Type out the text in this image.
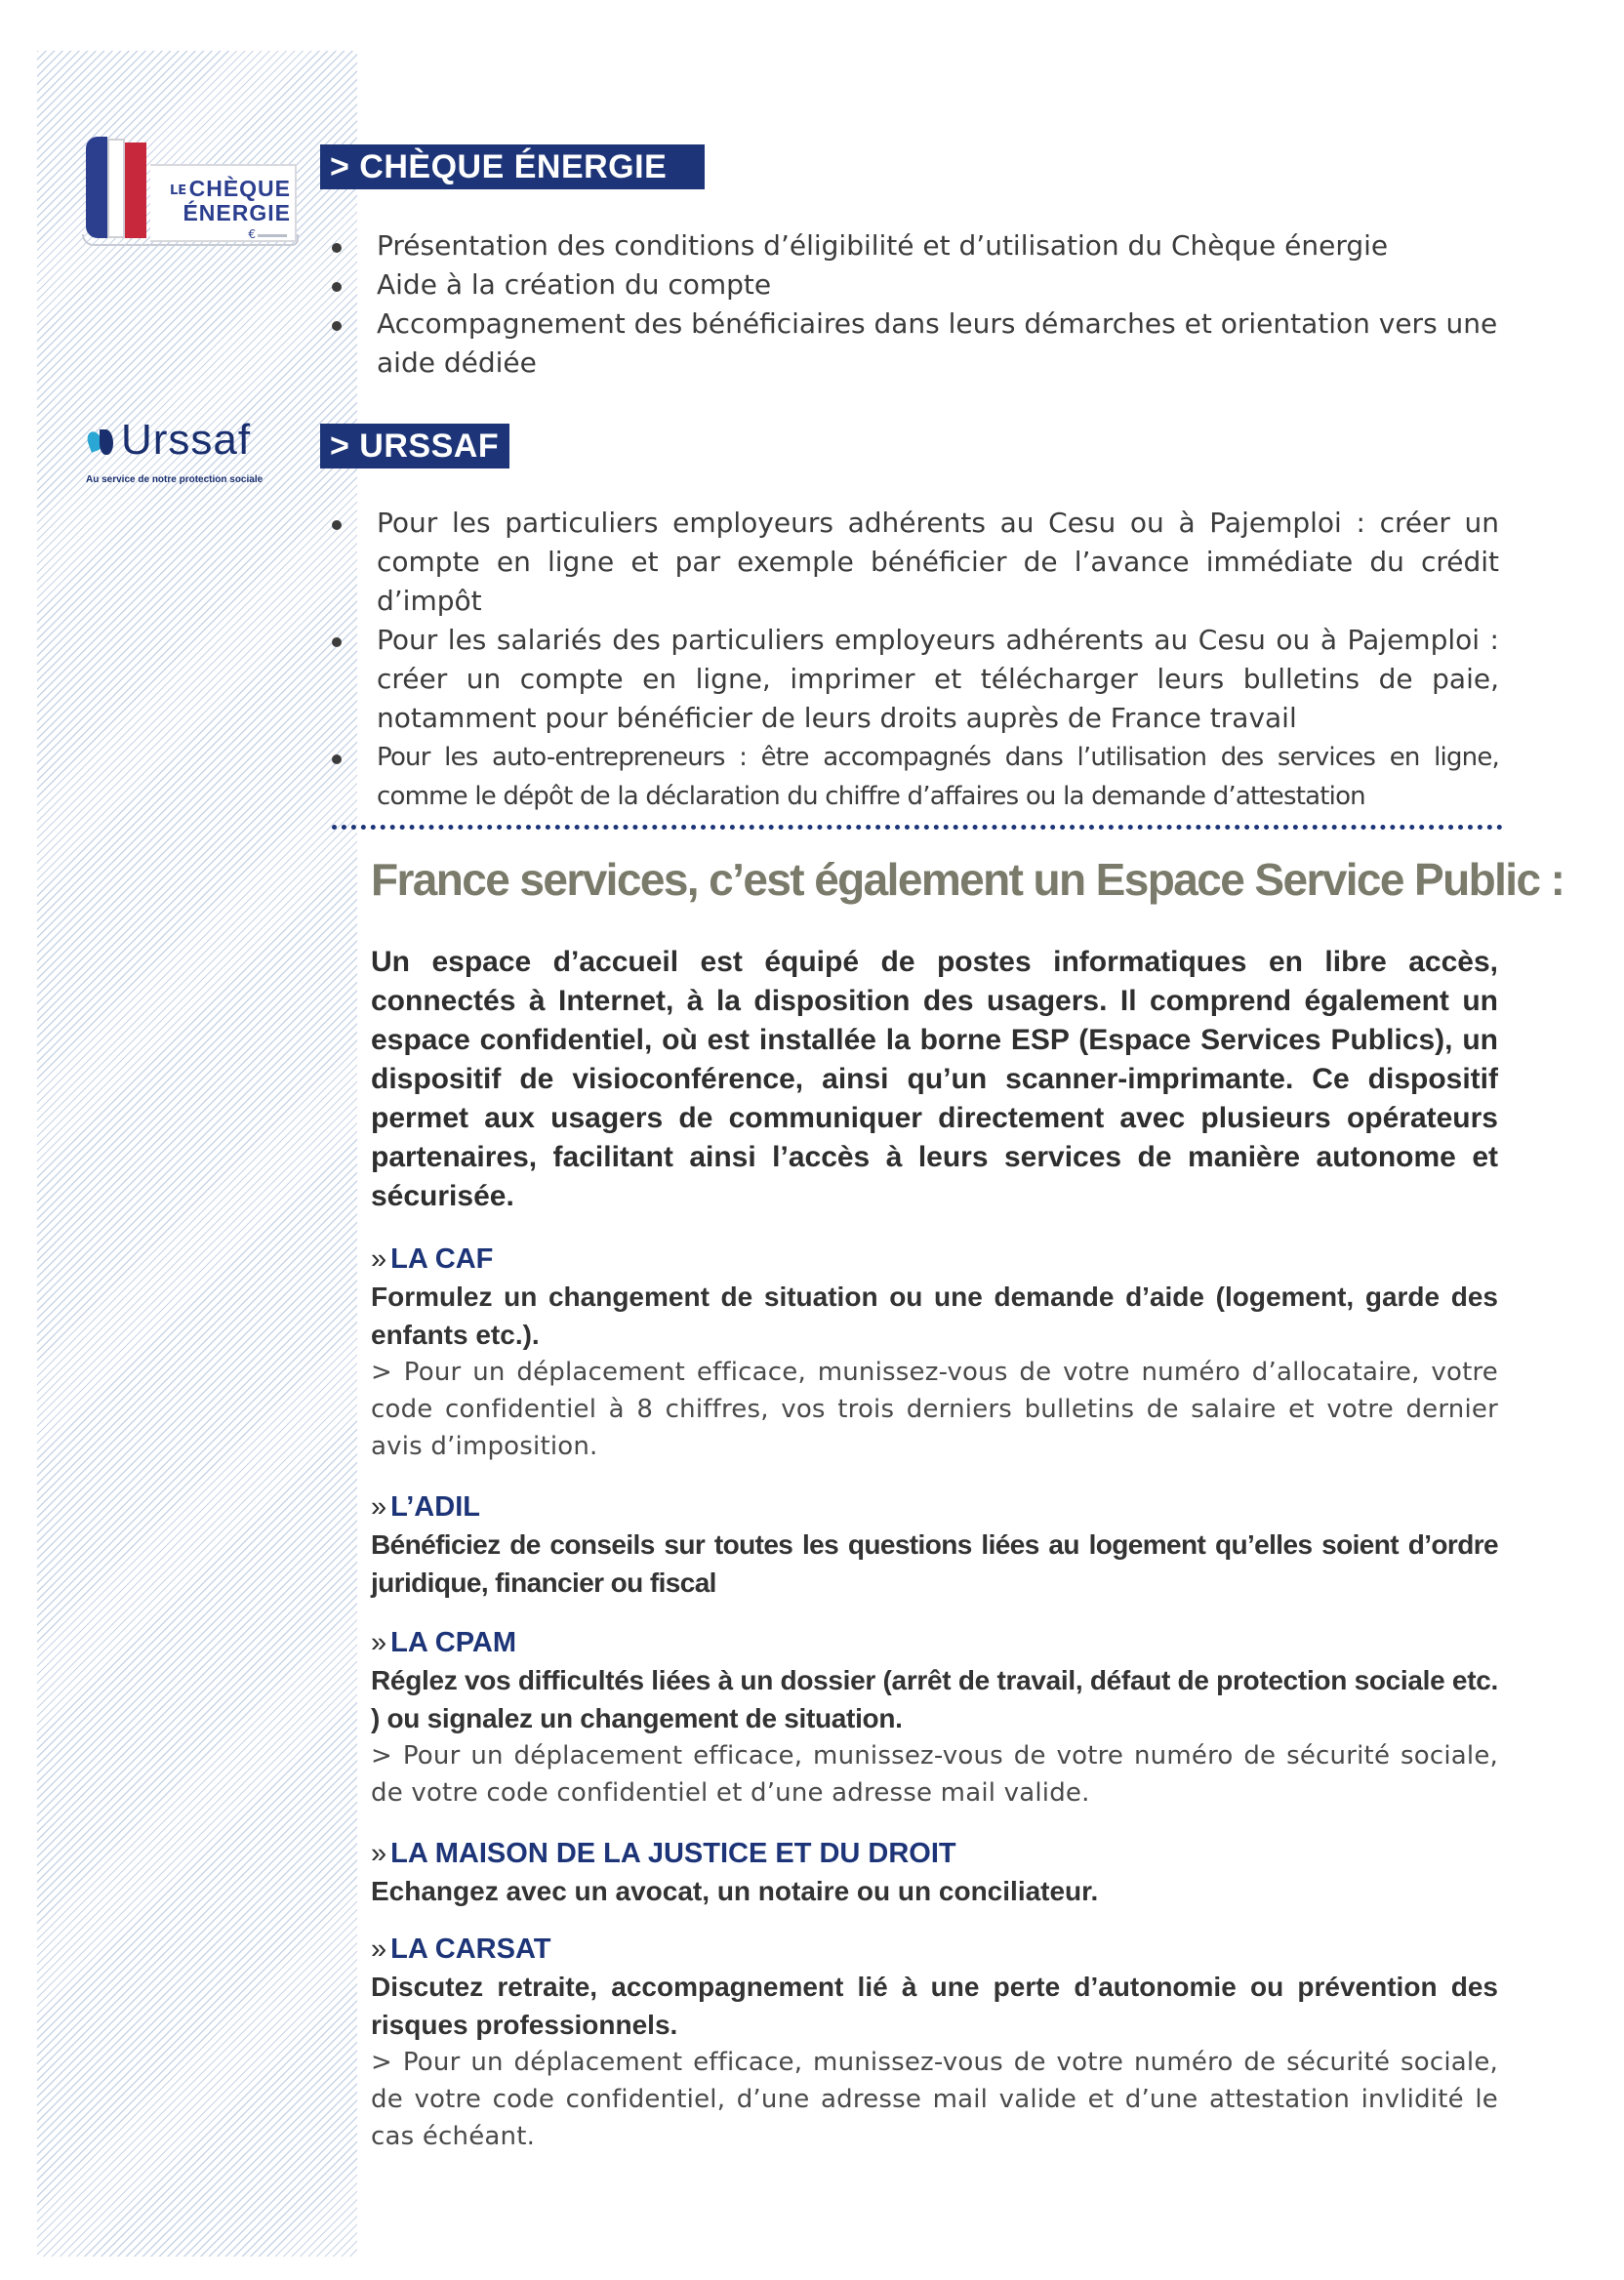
LE CHÈQUE
ÉNERGIE
€
> CHÈQUE ÉNERGIE
Présentation des conditions d’éligibilité et d’utilisation du Chèque énergie
Aide à la création du compte
Accompagnement des bénéficiaires dans leurs démarches et orientation vers une aide dédiée
Urssaf
Au service de notre protection sociale
> URSSAF
Pour les particuliers employeurs adhérents au Cesu ou à Pajemploi : créer un compte en ligne et par exemple bénéficier de l’avance immédiate du crédit d’impôt
Pour les salariés des particuliers employeurs adhérents au Cesu ou à Pajemploi : créer un compte en ligne, imprimer et télécharger leurs bulletins de paie, notamment pour bénéficier de leurs droits auprès de France travail
Pour les auto-entrepreneurs : être accompagnés dans l’utilisation des services en ligne, comme le dépôt de la déclaration du chiffre d’affaires ou la demande d’attestation
France services, c’est également un Espace Service Public :

Un espace d’accueil est équipé de postes informatiques en libre accès, connectés à Internet, à la disposition des usagers. Il comprend également un espace confidentiel, où est installée la borne ESP (Espace Services Publics), un dispositif de visioconférence, ainsi qu’un scanner-imprimante. Ce dispositif permet aux usagers de communiquer directement avec plusieurs opérateurs partenaires, facilitant ainsi l’accès à leurs services de manière autonome et sécurisée.

» LA CAF

Formulez un changement de situation ou une demande d’aide (logement, garde des enfants etc.).

> Pour un déplacement efficace, munissez-vous de votre numéro d’allocataire, votre code confidentiel à 8 chiffres, vos trois derniers bulletins de salaire et votre dernier avis d’imposition.

» L’ADIL

Bénéficiez de conseils sur toutes les questions liées au logement qu’elles soient d’ordre juridique, financier ou fiscal

» LA CPAM

Réglez vos difficultés liées à un dossier (arrêt de travail, défaut de protection sociale etc. ) ou signalez un changement de situation.

> Pour un déplacement efficace, munissez-vous de votre numéro de sécurité sociale, de votre code confidentiel et d’une adresse mail valide.

» LA MAISON DE LA JUSTICE ET DU DROIT

Echangez avec un avocat, un notaire ou un conciliateur.

» LA CARSAT

Discutez retraite, accompagnement lié à une perte d’autonomie ou prévention des risques professionnels.

> Pour un déplacement efficace, munissez-vous de votre numéro de sécurité sociale, de votre code confidentiel, d’une adresse mail valide et d’une attestation invlidité le cas échéant.
